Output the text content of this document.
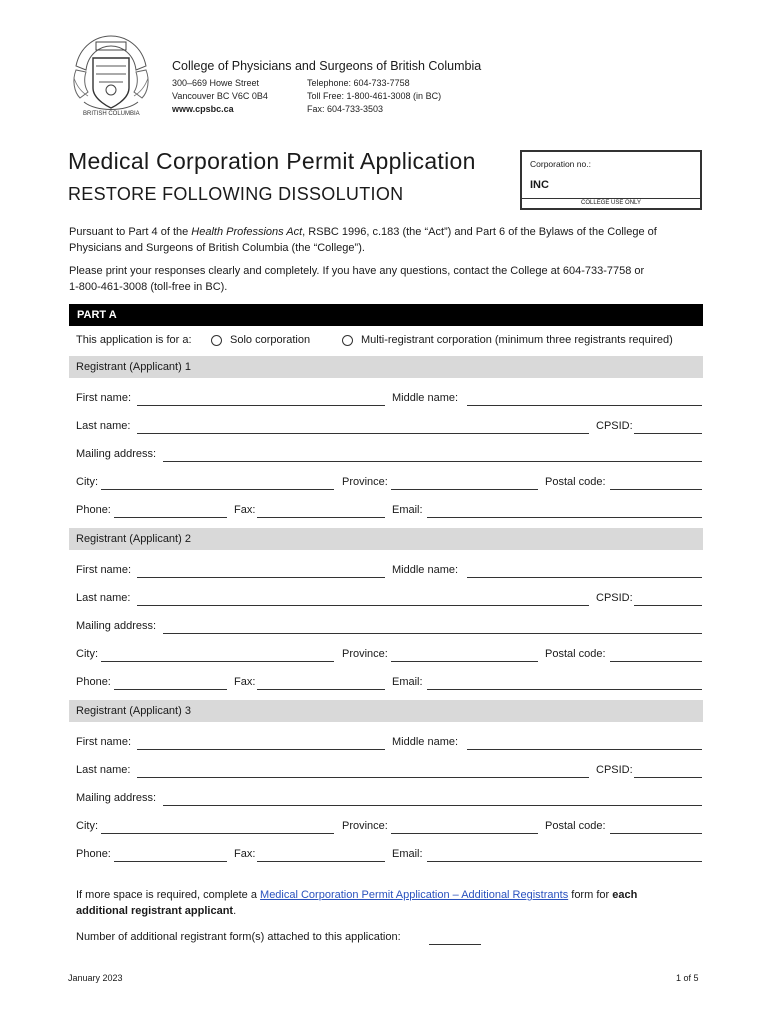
BRITISH COLUMBIA
College of Physicians and Surgeons of British Columbia
300–669 Howe Street
Vancouver BC V6C 0B4
www.cpsbc.ca
Telephone: 604-733-7758
Toll Free: 1-800-461-3008 (in BC)
Fax: 604-733-3503
Medical Corporation Permit Application
RESTORE FOLLOWING DISSOLUTION
Corporation no.:
INC
COLLEGE USE ONLY
Pursuant to Part 4 of the Health Professions Act, RSBC 1996, c.183 (the “Act”) and Part 6 of the Bylaws of the College of
Physicians and Surgeons of British Columbia (the “College”).
Please print your responses clearly and completely. If you have any questions, contact the College at 604-733-7758 or
1-800-461-3008 (toll-free in BC).
PART A
This application is for a:	Solo corporation	Multi-registrant corporation (minimum three registrants required)
Registrant (Applicant) 1
First name:	Middle name:
Last name:	CPSID:
Mailing address:
City:	Province:	Postal code:
Phone:	Fax:	Email:
Registrant (Applicant) 2
First name:	Middle name:
Last name:	CPSID:
Mailing address:
City:	Province:	Postal code:
Phone:	Fax:	Email:
Registrant (Applicant) 3
First name:	Middle name:
Last name:	CPSID:
Mailing address:
City:	Province:	Postal code:
Phone:	Fax:	Email:
If more space is required, complete a Medical Corporation Permit Application – Additional Registrants form for each
additional registrant applicant.
Number of additional registrant form(s) attached to this application:
January 2023	1 of 5
